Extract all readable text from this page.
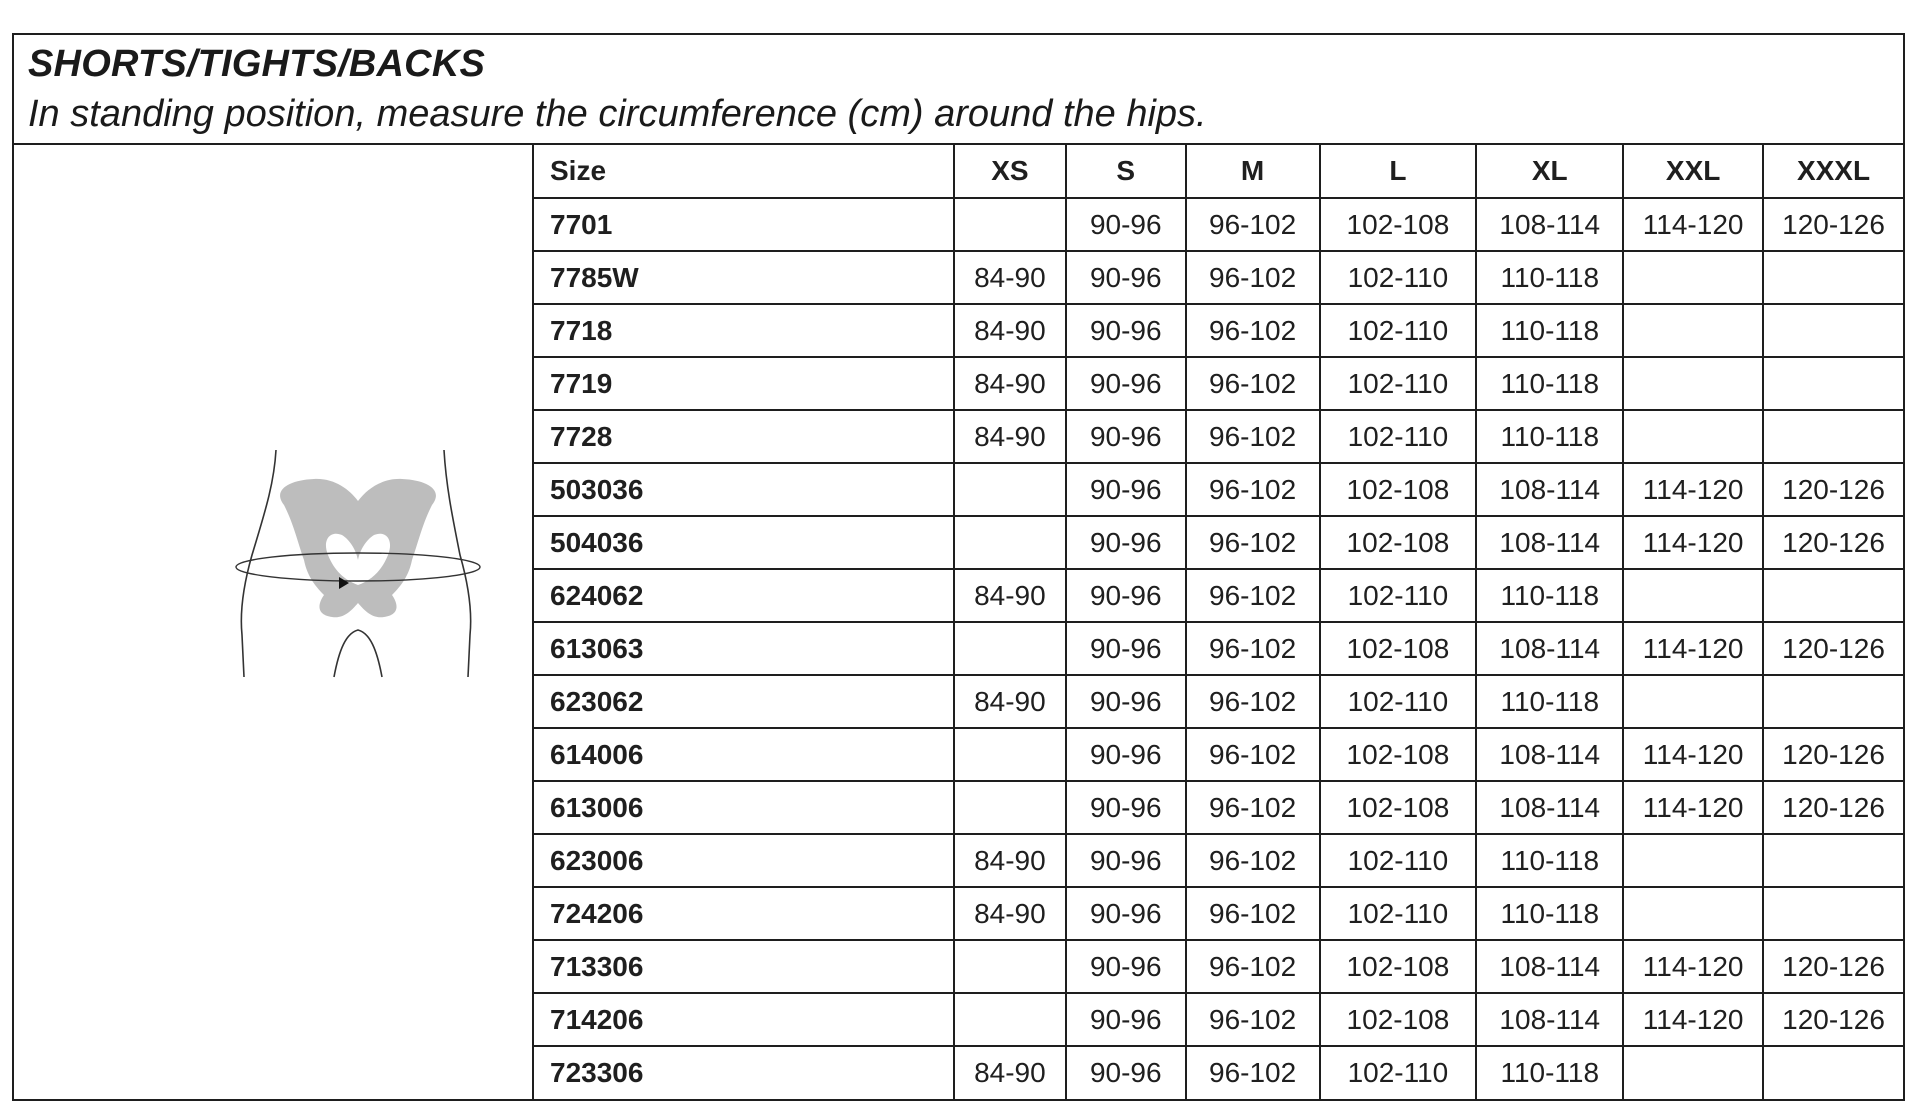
SHORTS/TIGHTS/BACKS
In standing position, measure the circumference (cm) around the hips.
Size	XS	S	M	L	XL	XXL	XXXL
7701		90-96	96-102	102-108	108-114	114-120	120-126
7785W	84-90	90-96	96-102	102-110	110-118		
7718	84-90	90-96	96-102	102-110	110-118		
7719	84-90	90-96	96-102	102-110	110-118		
7728	84-90	90-96	96-102	102-110	110-118		
503036		90-96	96-102	102-108	108-114	114-120	120-126
504036		90-96	96-102	102-108	108-114	114-120	120-126
624062	84-90	90-96	96-102	102-110	110-118		
613063		90-96	96-102	102-108	108-114	114-120	120-126
623062	84-90	90-96	96-102	102-110	110-118		
614006		90-96	96-102	102-108	108-114	114-120	120-126
613006		90-96	96-102	102-108	108-114	114-120	120-126
623006	84-90	90-96	96-102	102-110	110-118		
724206	84-90	90-96	96-102	102-110	110-118		
713306		90-96	96-102	102-108	108-114	114-120	120-126
714206		90-96	96-102	102-108	108-114	114-120	120-126
723306	84-90	90-96	96-102	102-110	110-118		
